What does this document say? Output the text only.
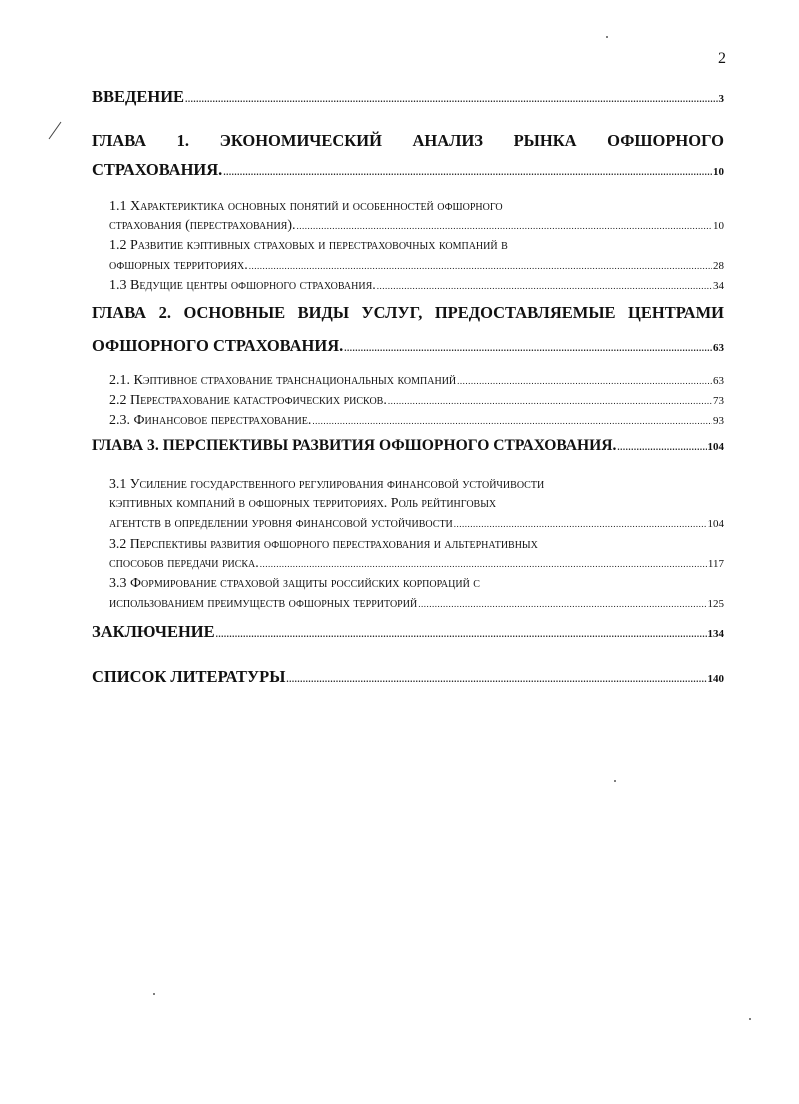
2
ВВЕДЕНИЕ .....	3
ГЛАВА 1. ЭКОНОМИЧЕСКИЙ АНАЛИЗ РЫНКА ОФШОРНОГО
СТРАХОВАНИЯ. .....	10
1.1 Характериктика основных понятий и особенностей офшорного
страхования (перестрахования). .....	10
1.2 Развитие кэптивных страховых и перестраховочных компаний в
офшорных территориях. .....	28
1.3 Ведущие центры офшорного страхования. .....	34
ГЛАВА 2. ОСНОВНЫЕ ВИДЫ УСЛУГ, ПРЕДОСТАВЛЯЕМЫЕ ЦЕНТРАМИ
ОФШОРНОГО СТРАХОВАНИЯ. .....	63
2.1. Кэптивное страхование транснациональных компаний .....	63
2.2 Перестрахование катастрофических рисков. .....	73
2.3. Финансовое перестрахование. .....	93
ГЛАВА 3. ПЕРСПЕКТИВЫ РАЗВИТИЯ ОФШОРНОГО СТРАХОВАНИЯ. .....	104
3.1 Усиление государственного регулирования финансовой устойчивости
кэптивных компаний в офшорных территориях. Роль рейтинговых
агентств в определении уровня финансовой устойчивости .....	104
3.2 Перспективы развития офшорного перестрахования и альтернативных
способов передачи риска. .....	117
3.3 Формирование страховой защиты российских корпораций с
использованием преимуществ офшорных территорий .....	125
ЗАКЛЮЧЕНИЕ .....	134
СПИСОК ЛИТЕРАТУРЫ .....	140
